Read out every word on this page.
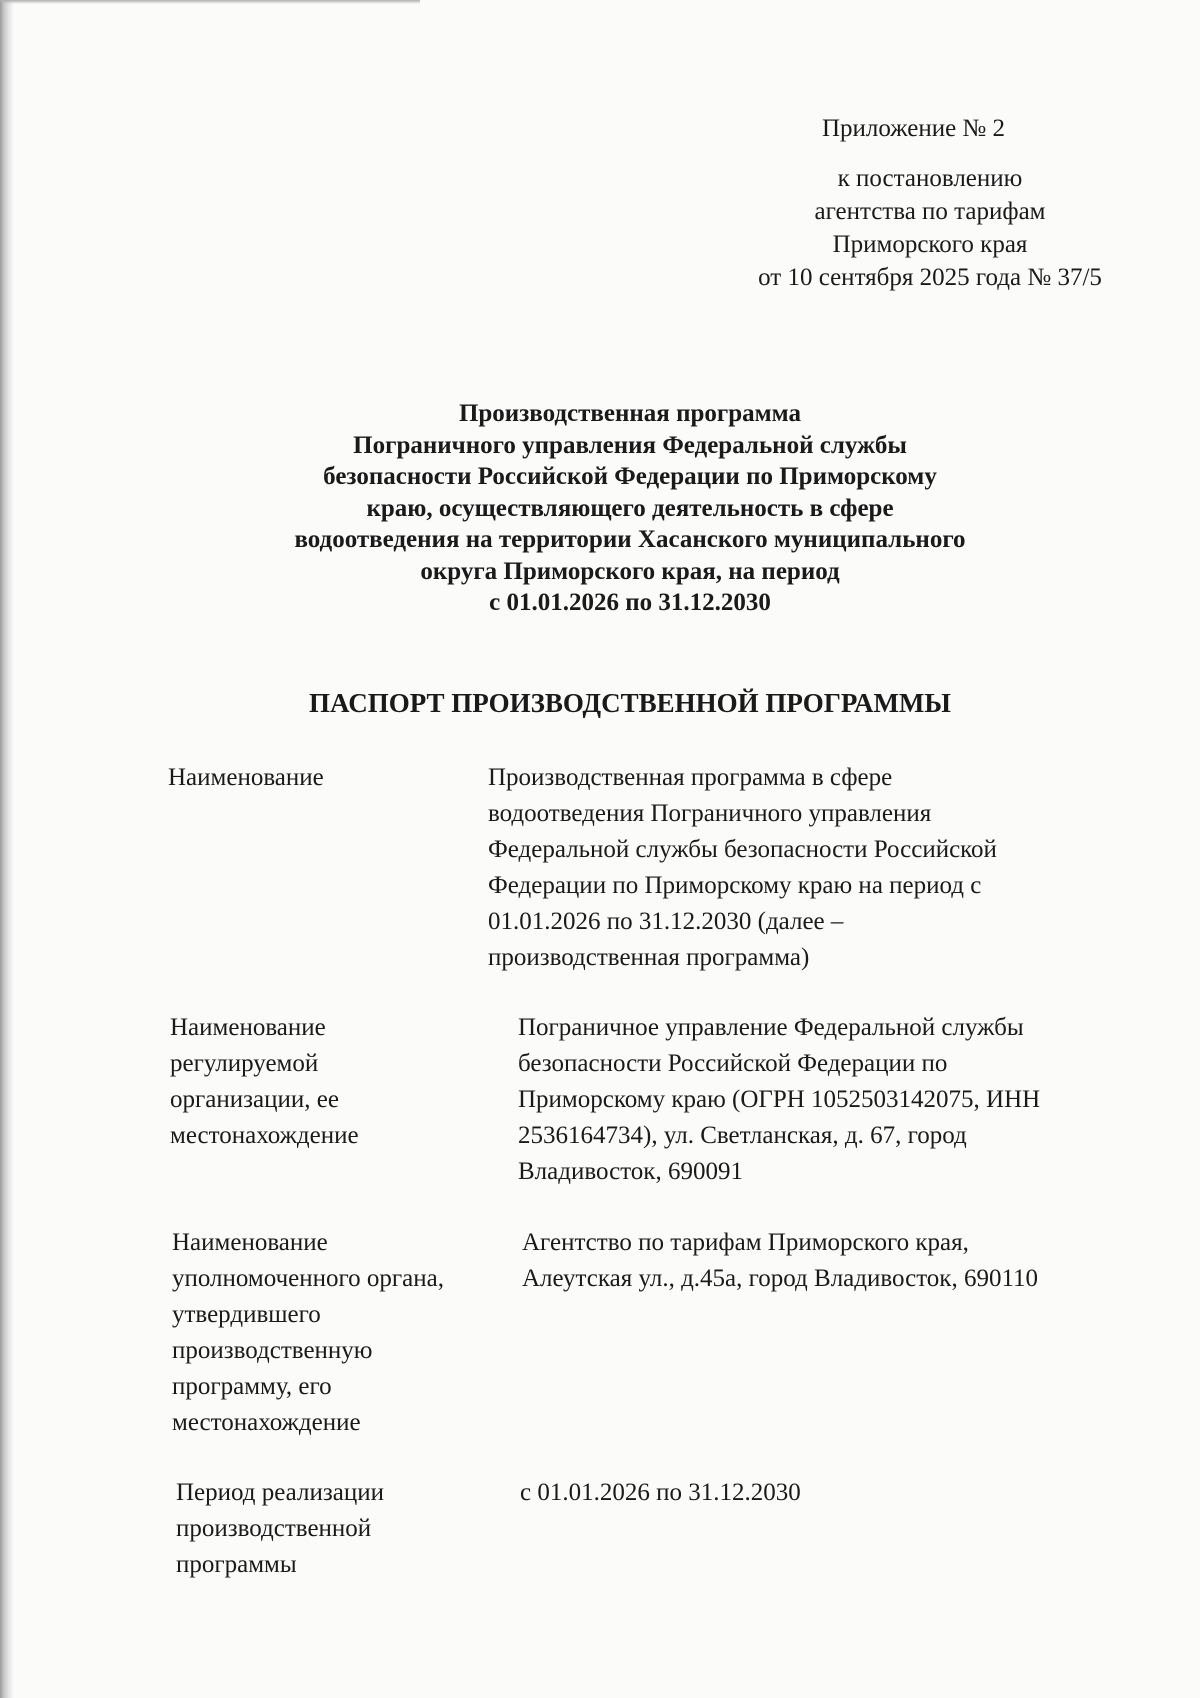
Приложение № 2
к постановлению
агентства по тарифам
Приморского края
от 10 сентября 2025 года № 37/5
Производственная программа
Пограничного управления Федеральной службы
безопасности Российской Федерации по Приморскому
краю, осуществляющего деятельность в сфере
водоотведения на территории Хасанского муниципального
округа Приморского края, на период
с 01.01.2026 по 31.12.2030
ПАСПОРТ ПРОИЗВОДСТВЕННОЙ ПРОГРАММЫ
Наименование	Производственная программа в сфере
водоотведения Пограничного управления
Федеральной службы безопасности Российской
Федерации по Приморскому краю на период с
01.01.2026 по 31.12.2030 (далее –
производственная программа)
Наименование
регулируемой
организации, ее
местонахождение
Пограничное управление Федеральной службы
безопасности Российской Федерации по
Приморскому краю (ОГРН 1052503142075, ИНН
2536164734), ул. Светланская, д. 67, город
Владивосток, 690091
Наименование
уполномоченного органа,
утвердившего
производственную
программу, его
местонахождение
Агентство по тарифам Приморского края,
Алеутская ул., д.45а, город Владивосток, 690110
Период реализации
производственной
программы
с 01.01.2026 по 31.12.2030
